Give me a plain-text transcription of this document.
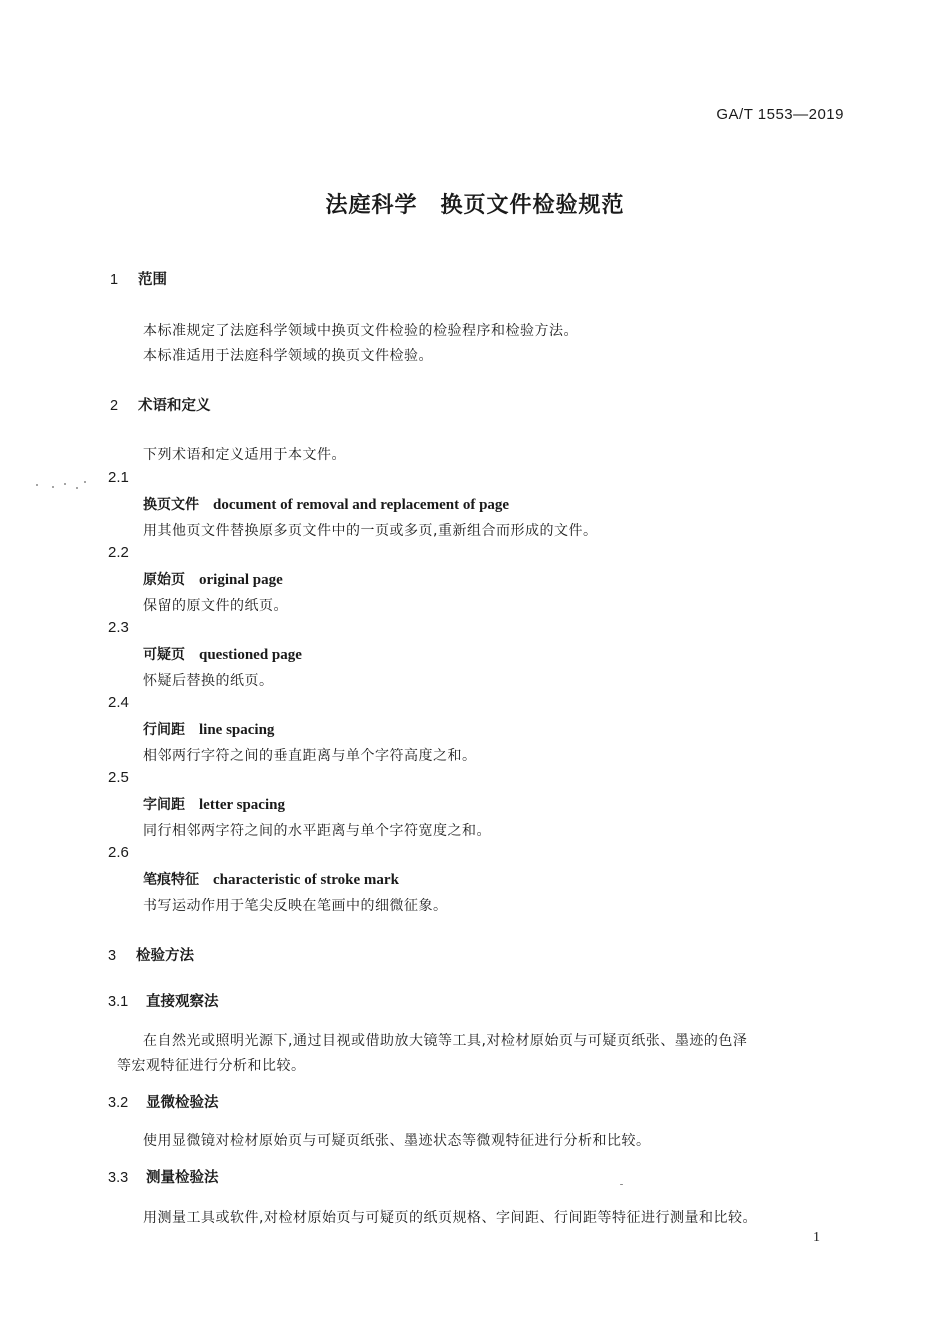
GA/T 1553—2019
法庭科学　换页文件检验规范
1 范围
本标准规定了法庭科学领域中换页文件检验的检验程序和检验方法。
本标准适用于法庭科学领域的换页文件检验。
2 术语和定义
下列术语和定义适用于本文件。
2.1
换页文件 document of removal and replacement of page
用其他页文件替换原多页文件中的一页或多页,重新组合而形成的文件。
2.2
原始页 original page
保留的原文件的纸页。
2.3
可疑页 questioned page
怀疑后替换的纸页。
2.4
行间距 line spacing
相邻两行字符之间的垂直距离与单个字符高度之和。
2.5
字间距 letter spacing
同行相邻两字符之间的水平距离与单个字符宽度之和。
2.6
笔痕特征 characteristic of stroke mark
书写运动作用于笔尖反映在笔画中的细微征象。
3 检验方法
3.1 直接观察法
在自然光或照明光源下,通过目视或借助放大镜等工具,对检材原始页与可疑页纸张、墨迹的色泽
等宏观特征进行分析和比较。
3.2 显微检验法
使用显微镜对检材原始页与可疑页纸张、墨迹状态等微观特征进行分析和比较。
3.3 测量检验法
用测量工具或软件,对检材原始页与可疑页的纸页规格、字间距、行间距等特征进行测量和比较。
1
